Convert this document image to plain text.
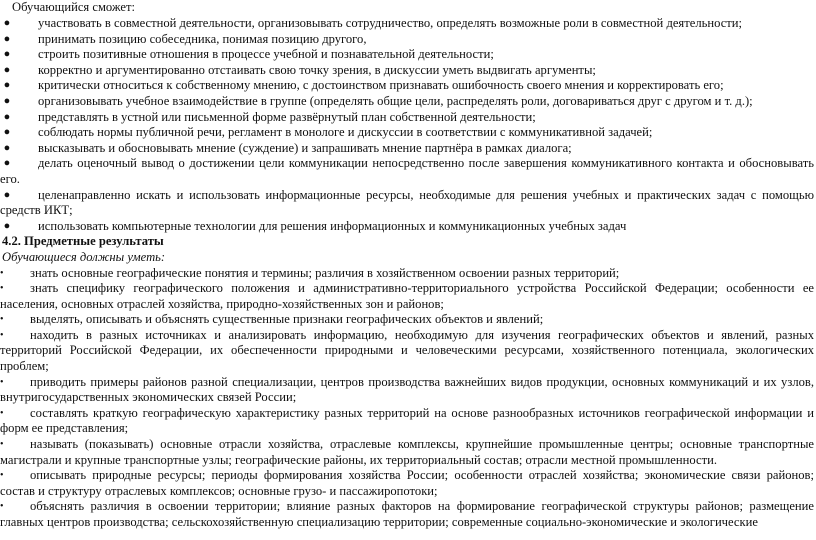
Обучающийся сможет:
● участвовать в совместной деятельности, организовывать сотрудничество, определять возможные роли в совместной деятельности;
● принимать позицию собеседника, понимая позицию другого,
● строить позитивные отношения в процессе учебной и познавательной деятельности;
● корректно и аргументированно отстаивать свою точку зрения, в дискуссии уметь выдвигать аргументы;
● критически относиться к собственному мнению, с достоинством признавать ошибочность своего мнения и корректировать его;
● организовывать учебное взаимодействие в группе (определять общие цели, распределять роли, договариваться друг с другом и т. д.);
● представлять в устной или письменной форме развёрнутый план собственной деятельности;
● соблюдать нормы публичной речи, регламент в монологе и дискуссии в соответствии с коммуникативной задачей;
● высказывать и обосновывать мнение (суждение) и запрашивать мнение партнёра в рамках диалога;
●	делать оценочный вывод о достижении цели коммуникации непосредственно после завершения коммуникативного контакта и обосновывать его.
●	целенаправленно искать и использовать информационные ресурсы, необходимые для решения учебных и практических задач с помощью средств ИКТ;
● использовать компьютерные технологии для решения информационных и коммуникационных учебных задач
4.2. Предметные результаты
Обучающиеся должны уметь:
•	знать основные географические понятия и термины; различия в хозяйственном освоении разных территорий;
•	знать специфику географического положения и административно-территориального устройства Российской Федерации; особенности ее населения, основных отраслей хозяйства, природно-хозяйственных зон и районов;
•	выделять, описывать и объяснять существенные признаки географических объектов и явлений;
•	находить в разных источниках и анализировать информацию, необходимую для изучения географических объектов и явлений, разных территорий Российской Федерации, их обеспеченности природными и человеческими ресурсами, хозяйственного потенциала, экологических проблем;
•	приводить примеры районов разной специализации, центров производства важнейших видов продукции, основных коммуникаций и их узлов, внутригосударственных экономических связей России;
•	составлять краткую географическую характеристику разных территорий на основе разнообразных источников географической информации и форм ее представления;
•	называть (показывать) основные отрасли хозяйства, отраслевые комплексы, крупнейшие промышленные центры; основные транспортные магистрали и крупные транспортные узлы; географические районы, их территориальный состав; отрасли местной промышленности.
•	описывать природные ресурсы; периоды формирования хозяйства России; особенности отраслей хозяйства; экономические связи районов; состав и структуру отраслевых комплексов; основные грузо- и пассажиропотоки;
•	объяснять различия в освоении территории; влияние разных факторов на формирование географической структуры районов; размещение главных центров производства; сельскохозяйственную специализацию территории; современные социально-экономические и экологические
